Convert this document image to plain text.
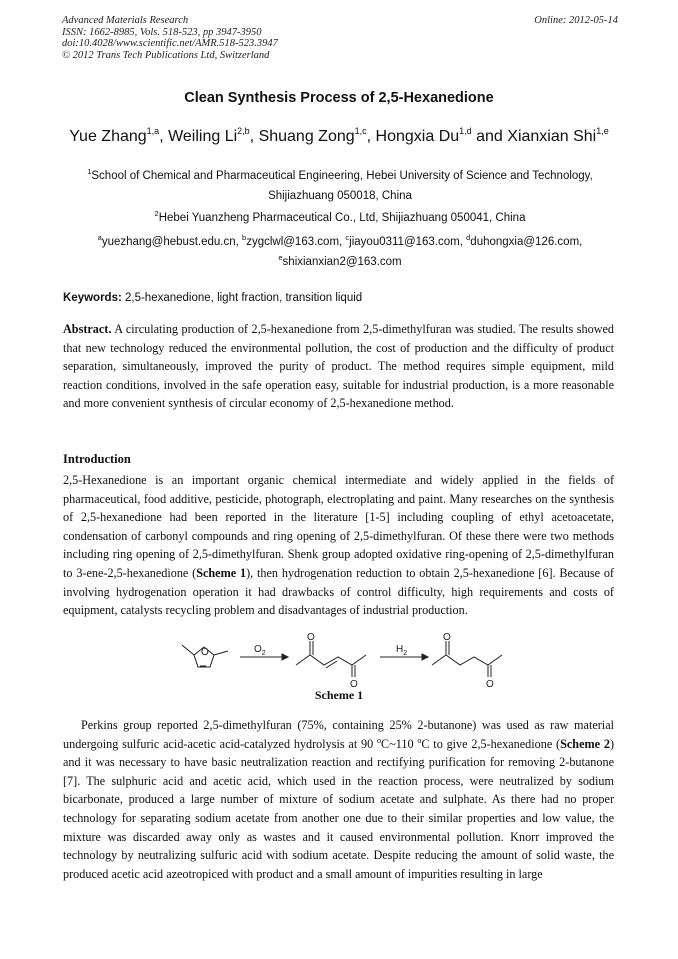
Advanced Materials Research
ISSN: 1662-8985, Vols. 518-523, pp 3947-3950
doi:10.4028/www.scientific.net/AMR.518-523.3947
© 2012 Trans Tech Publications Ltd, Switzerland
Online: 2012-05-14
Clean Synthesis Process of 2,5-Hexanedione
Yue Zhang$^{1,a}$, Weiling Li$^{2,b}$, Shuang Zong$^{1,c}$, Hongxia Du$^{1,d}$ and Xianxian Shi$^{1,e}$
$^1$School of Chemical and Pharmaceutical Engineering, Hebei University of Science and Technology,
Shijiazhuang 050018, China
$^2$Hebei Yuanzheng Pharmaceutical Co., Ltd, Shijiazhuang 050041, China
$^a$yuezhang@hebust.edu.cn, $^b$zygclwl@163.com, $^c$jiayou0311@163.com, $^d$duhongxia@126.com,
$^e$shixianxian2@163.com
Keywords: 2,5-hexanedione, light fraction, transition liquid
Abstract. A circulating production of 2,5-hexanedione from 2,5-dimethylfuran was studied. The results showed that new technology reduced the environmental pollution, the cost of production and the difficulty of product separation, simultaneously, improved the purity of product. The method requires simple equipment, mild reaction conditions, involved in the safe operation easy, suitable for industrial production, is a more reasonable and more convenient synthesis of circular economy of 2,5-hexanedione method.
Introduction
2,5-Hexanedione is an important organic chemical intermediate and widely applied in the fields of pharmaceutical, food additive, pesticide, photograph, electroplating and paint. Many researches on the synthesis of 2,5-hexanedione had been reported in the literature [1-5] including coupling of ethyl acetoacetate, condensation of carbonyl compounds and ring opening of 2,5-dimethylfuran. Of these there were two methods including ring opening of 2,5-dimethylfuran. Shenk group adopted oxidative ring-opening of 2,5-dimethylfuran to 3-ene-2,5-hexanedione (Scheme 1), then hydrogenation reduction to obtain 2,5-hexanedione [6]. Because of involving hydrogenation operation it had drawbacks of control difficulty, high requirements and costs of equipment, catalysts recycling problem and disadvantages of industrial production.
O	$O_2$	$H_2$
O
O
O
O
Scheme 1
Perkins group reported 2,5-dimethylfuran (75%, containing 25% 2-butanone) was used as raw material undergoing sulfuric acid-acetic acid-catalyzed hydrolysis at 90 $^o$C~110 $^o$C to give 2,5-hexanedione (Scheme 2) and it was necessary to have basic neutralization reaction and rectifying purification for removing 2-butanone [7]. The sulphuric acid and acetic acid, which used in the reaction process, were neutralized by sodium bicarbonate, produced a large number of mixture of sodium acetate and sulphate. As there had no proper technology for separating sodium acetate from another one due to their similar properties and low value, the mixture was discarded away only as wastes and it caused environmental pollution. Knorr improved the technology by neutralizing sulfuric acid with sodium acetate. Despite reducing the amount of solid waste, the produced acetic acid azeotropiced with product and a small amount of impurities resulting in large
